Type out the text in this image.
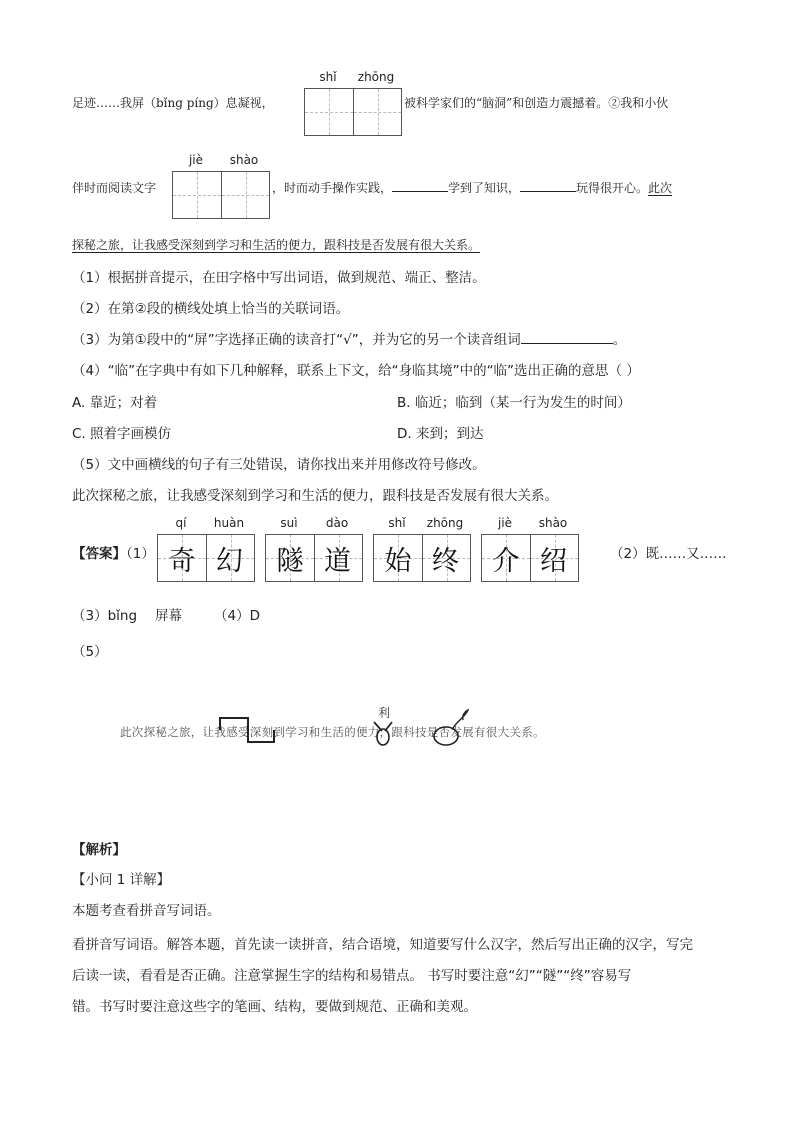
足迹……我屏（bǐng píng）息凝视，
shǐ	zhōng
被科学家们的“脑洞”和创造力震撼着。②我和小伙
伴时而阅读文字
jiè	shào
，时而动手操作实践，	学到了知识，	玩得很开心。此次
探秘之旅，让我感受深刻到学习和生活的便力，跟科技是否发展有很大关系。
（1）根据拼音提示，在田字格中写出词语，做到规范、端正、整洁。
（2）在第②段的横线处填上恰当的关联词语。
（3）为第①段中的“屏”字选择正确的读音打“√”，并为它的另一个读音组词	。
（4）“临”在字典中有如下几种解释，联系上下文，给“身临其境”中的“临”选出正确的意思（ ）
A. 靠近；对着	B. 临近；临到（某一行为发生的时间）
C. 照着字画模仿	D. 来到；到达
（5）文中画横线的句子有三处错误，请你找出来并用修改符号修改。
此次探秘之旅，让我感受深刻到学习和生活的便力，跟科技是否发展有很大关系。
【答案】（1）
qí	huàn
奇 幻
suì	dào
隧 道
shǐ	zhōng
始 终
jiè	shào
介 绍	（2）既……又……
（3）bǐng 屏幕 （4）D
（5）
此次探秘之旅，让我感受深刻到学习和生活的便力，跟科技是否发展有很大关系。
利
【解析】
【小问 1 详解】
本题考查看拼音写词语。
看拼音写词语。解答本题，首先读一读拼音，结合语境，知道要写什么汉字，然后写出正确的汉字，写完
后读一读，看看是否正确。注意掌握生字的结构和易错点。 书写时要注意“幻”“隧”“终”容易写
错。书写时要注意这些字的笔画、结构，要做到规范、正确和美观。
